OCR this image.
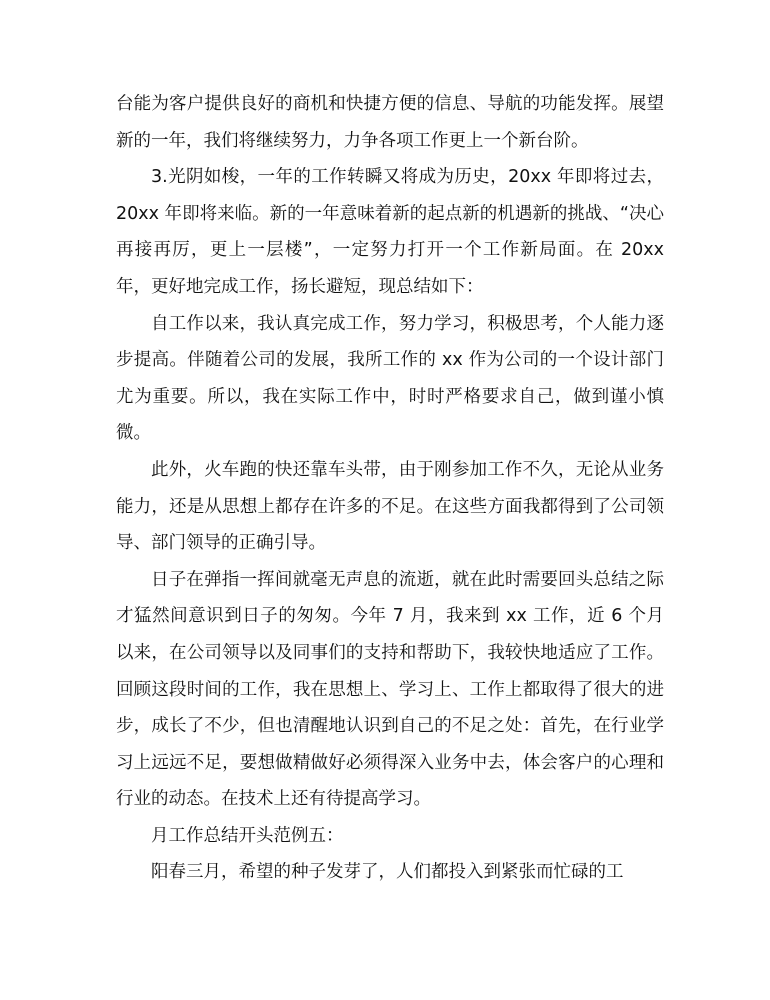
台能为客户提供良好的商机和快捷方便的信息、导航的功能发挥。展望新的一年，我们将继续努力，力争各项工作更上一个新台阶。

3.光阴如梭，一年的工作转瞬又将成为历史，20xx 年即将过去，20xx 年即将来临。新的一年意味着新的起点新的机遇新的挑战、“决心再接再厉，更上一层楼”，一定努力打开一个工作新局面。在 20xx 年，更好地完成工作，扬长避短，现总结如下：

自工作以来，我认真完成工作，努力学习，积极思考，个人能力逐步提高。伴随着公司的发展，我所工作的 xx 作为公司的一个设计部门尤为重要。所以，我在实际工作中，时时严格要求自己，做到谨小慎微。

此外，火车跑的快还靠车头带，由于刚参加工作不久，无论从业务能力，还是从思想上都存在许多的不足。在这些方面我都得到了公司领导、部门领导的正确引导。

日子在弹指一挥间就毫无声息的流逝，就在此时需要回头总结之际才猛然间意识到日子的匆匆。今年 7 月，我来到 xx 工作，近 6 个月以来，在公司领导以及同事们的支持和帮助下，我较快地适应了工作。回顾这段时间的工作，我在思想上、学习上、工作上都取得了很大的进步，成长了不少，但也清醒地认识到自己的不足之处：首先，在行业学习上远远不足，要想做精做好必须得深入业务中去，体会客户的心理和行业的动态。在技术上还有待提高学习。

月工作总结开头范例五：

阳春三月，希望的种子发芽了，人们都投入到紧张而忙碌的工
